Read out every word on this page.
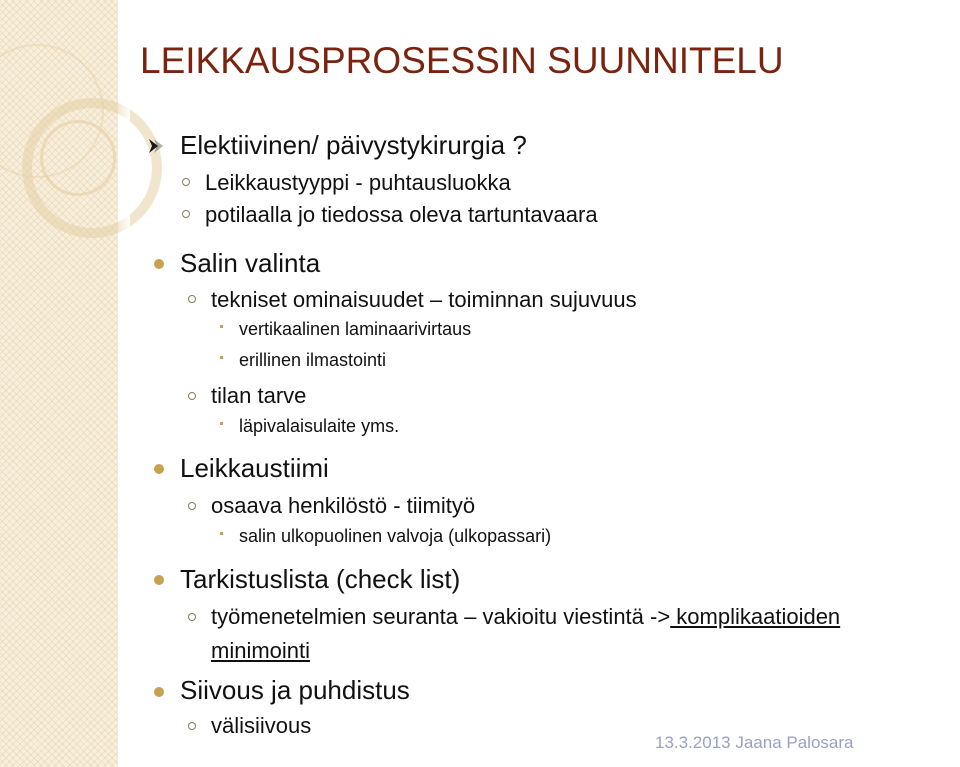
LEIKKAUSPROSESSIN SUUNNITELU
Elektiivinen/ päivystykirurgia ?
Leikkaustyyppi - puhtausluokka
potilaalla jo tiedossa oleva tartuntavaara
Salin valinta
tekniset ominaisuudet – toiminnan sujuvuus
vertikaalinen laminaarivirtaus
erillinen ilmastointi
tilan tarve
läpivalaisulaite yms.
Leikkaustiimi
osaava henkilöstö - tiimityö
salin ulkopuolinen valvoja (ulkopassari)
Tarkistuslista (check list)
työmenetelmien seuranta – vakioitu viestintä -> komplikaatioiden
minimointi
Siivous ja puhdistus
välisiivous
13.3.2013 Jaana Palosara
